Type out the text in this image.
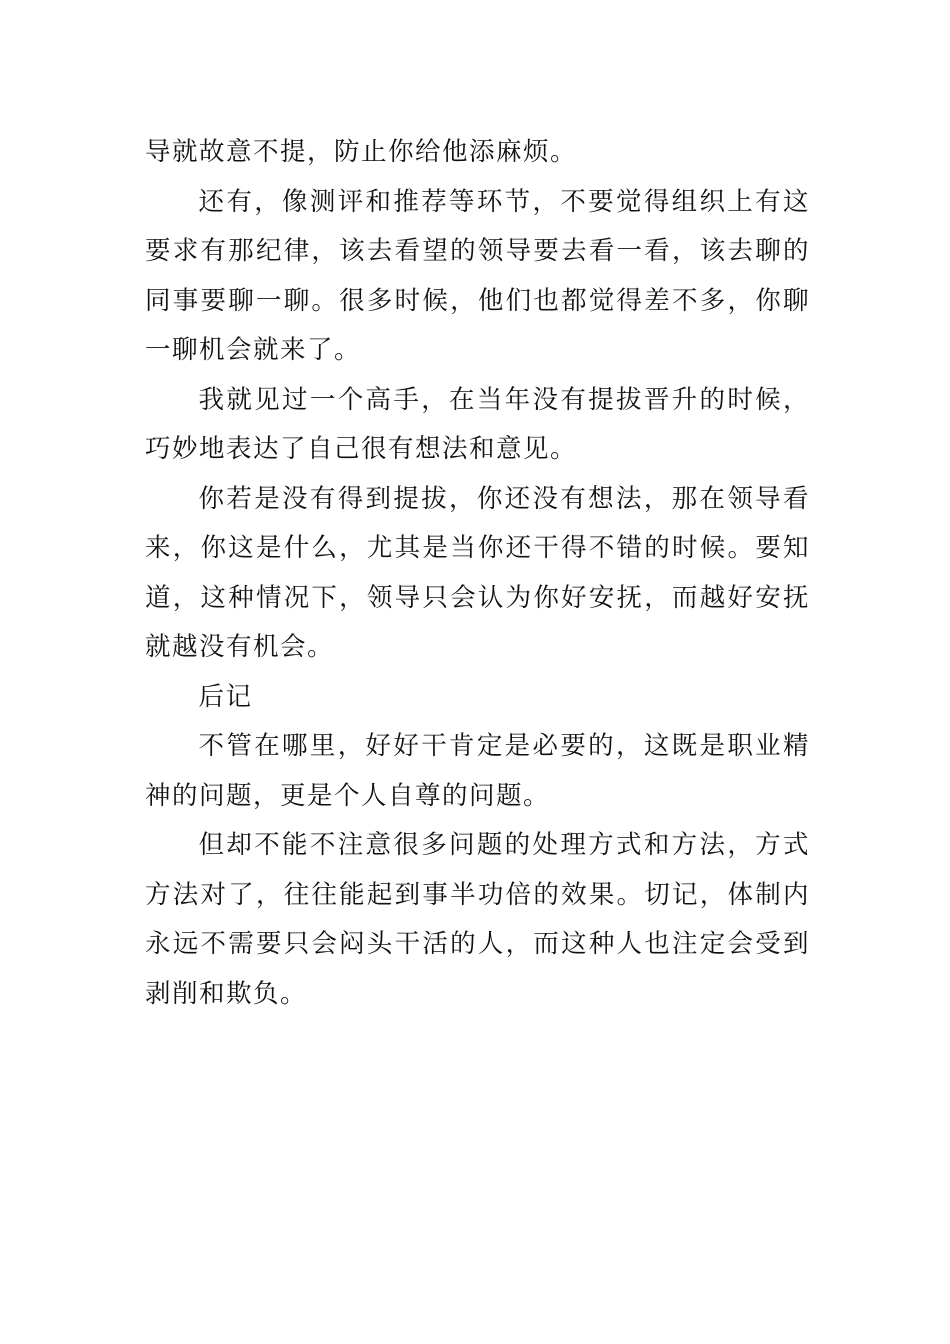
导就故意不提，防止你给他添麻烦。

还有，像测评和推荐等环节，不要觉得组织上有这要求有那纪律，该去看望的领导要去看一看，该去聊的同事要聊一聊。很多时候，他们也都觉得差不多，你聊一聊机会就来了。

我就见过一个高手，在当年没有提拔晋升的时候，巧妙地表达了自己很有想法和意见。

你若是没有得到提拔，你还没有想法，那在领导看来，你这是什么，尤其是当你还干得不错的时候。要知道，这种情况下，领导只会认为你好安抚，而越好安抚就越没有机会。

后记

不管在哪里，好好干肯定是必要的，这既是职业精神的问题，更是个人自尊的问题。

但却不能不注意很多问题的处理方式和方法，方式方法对了，往往能起到事半功倍的效果。切记，体制内永远不需要只会闷头干活的人，而这种人也注定会受到剥削和欺负。
